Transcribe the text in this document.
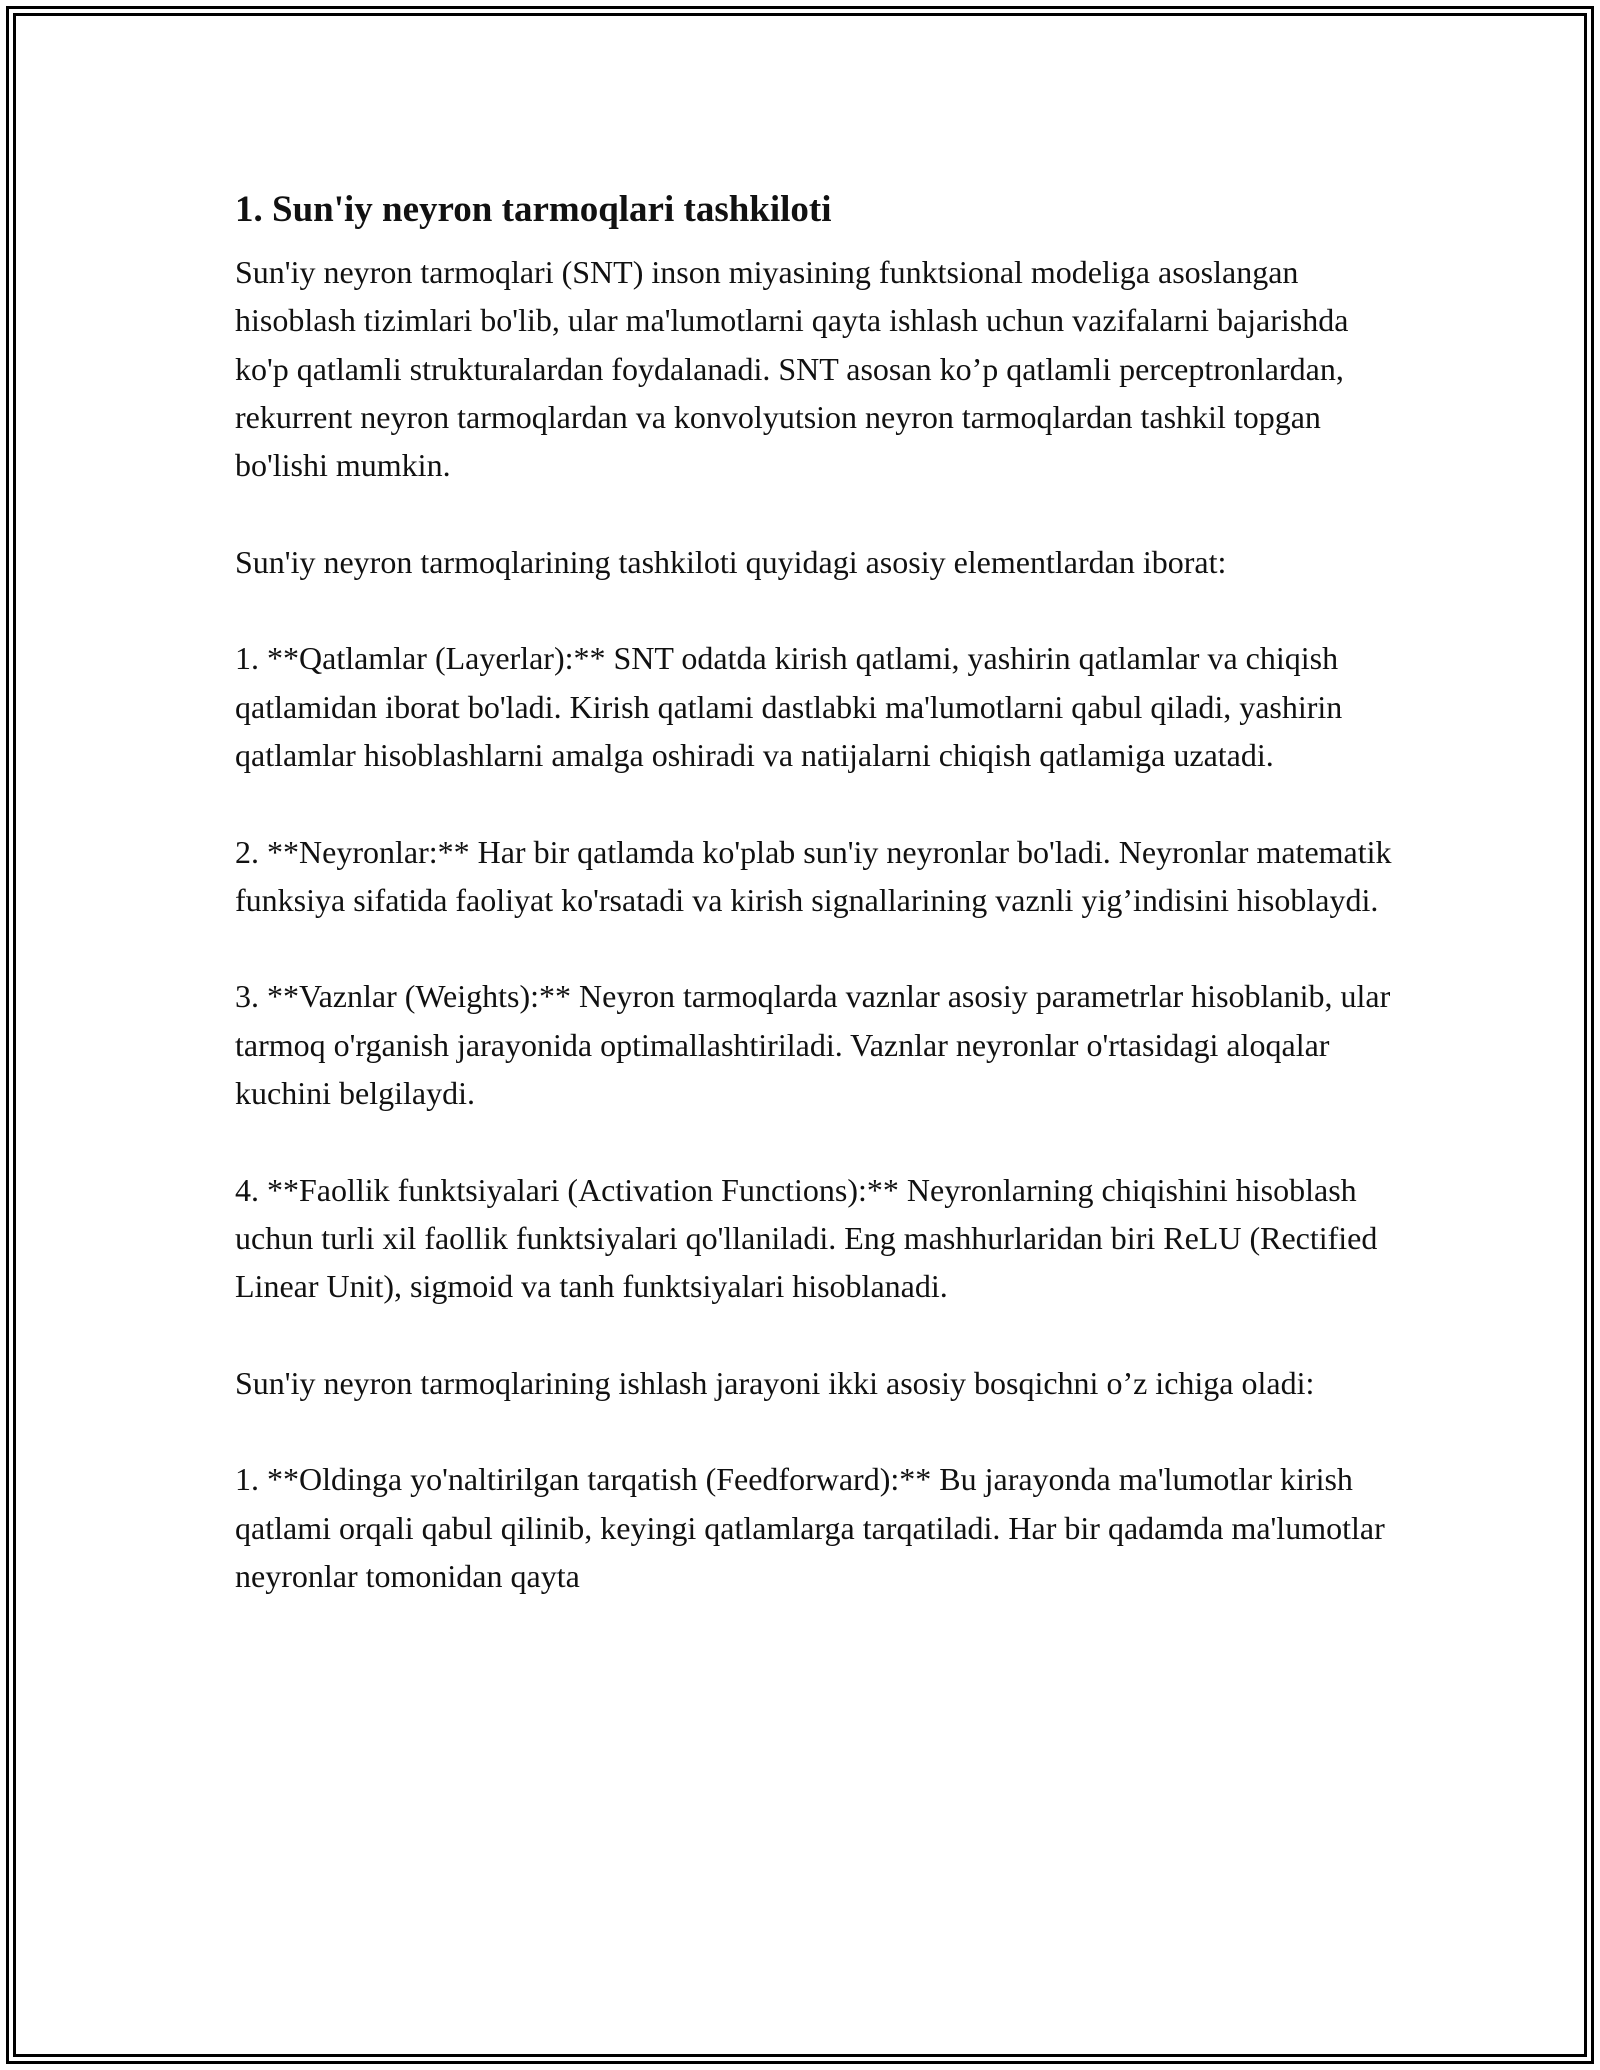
1. Sun'iy neyron tarmoqlari tashkiloti

Sun'iy neyron tarmoqlari (SNT) inson miyasining funktsional modeliga asoslangan hisoblash tizimlari bo'lib, ular ma'lumotlarni qayta ishlash uchun vazifalarni bajarishda ko'p qatlamli strukturalardan foydalanadi. SNT asosan ko’p qatlamli perceptronlardan, rekurrent neyron tarmoqlardan va konvolyutsion neyron tarmoqlardan tashkil topgan bo'lishi mumkin.

Sun'iy neyron tarmoqlarining tashkiloti quyidagi asosiy elementlardan iborat:

1. **Qatlamlar (Layerlar):** SNT odatda kirish qatlami, yashirin qatlamlar va chiqish qatlamidan iborat bo'ladi. Kirish qatlami dastlabki ma'lumotlarni qabul qiladi, yashirin qatlamlar hisoblashlarni amalga oshiradi va natijalarni chiqish qatlamiga uzatadi.

2. **Neyronlar:** Har bir qatlamda ko'plab sun'iy neyronlar bo'ladi. Neyronlar matematik funksiya sifatida faoliyat ko'rsatadi va kirish signallarining vaznli yig’indisini hisoblaydi.

3. **Vaznlar (Weights):** Neyron tarmoqlarda vaznlar asosiy parametrlar hisoblanib, ular tarmoq o'rganish jarayonida optimallashtiriladi. Vaznlar neyronlar o'rtasidagi aloqalar kuchini belgilaydi.

4. **Faollik funktsiyalari (Activation Functions):** Neyronlarning chiqishini hisoblash uchun turli xil faollik funktsiyalari qo'llaniladi. Eng mashhurlaridan biri ReLU (Rectified Linear Unit), sigmoid va tanh funktsiyalari hisoblanadi.

Sun'iy neyron tarmoqlarining ishlash jarayoni ikki asosiy bosqichni o’z ichiga oladi:

1. **Oldinga yo'naltirilgan tarqatish (Feedforward):** Bu jarayonda ma'lumotlar kirish qatlami orqali qabul qilinib, keyingi qatlamlarga tarqatiladi. Har bir qadamda ma'lumotlar neyronlar tomonidan qayta
